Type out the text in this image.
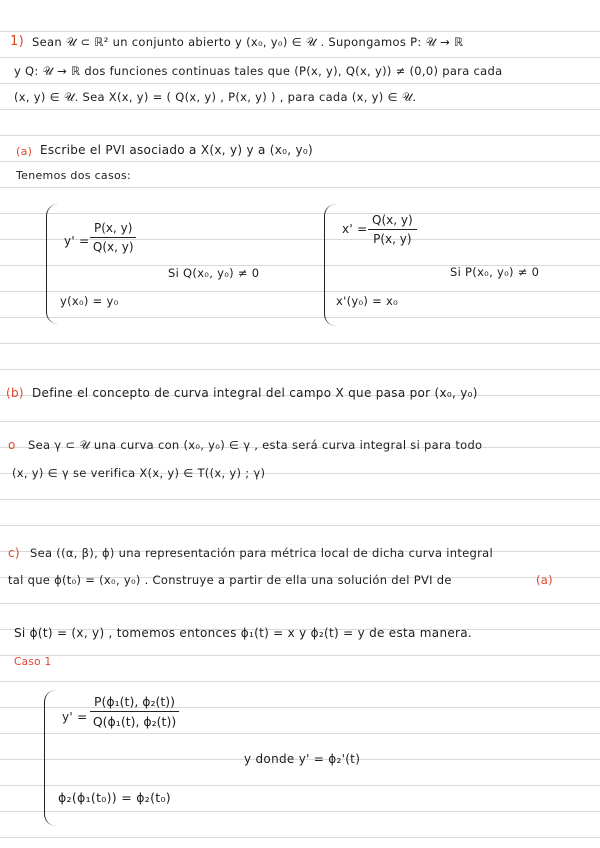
1) Sean 𝒰 ⊂ ℝ² un conjunto abierto y (x₀, y₀) ∈ 𝒰 . Supongamos P: 𝒰 → ℝ
y Q: 𝒰 → ℝ dos funciones continuas tales que (P(x, y), Q(x, y)) ≠ (0,0) para cada
(x, y) ∈ 𝒰. Sea X(x, y) = ( Q(x, y) , P(x, y) ) , para cada (x, y) ∈ 𝒰.
(a) Escribe el PVI asociado a X(x, y) y a (x₀, y₀)
Tenemos dos casos:
$y' = \frac{P(x, y)}{Q(x, y)}$
Si Q(x₀, y₀) ≠ 0
y(x₀) = y₀
$x' = \frac{Q(x, y)}{P(x, y)}$
Si P(x₀, y₀) ≠ 0
x'(y₀) = x₀
(b) Define el concepto de curva integral del campo X que pasa por (x₀, y₀)
o Sea γ ⊂ 𝒰 una curva con (x₀, y₀) ∈ γ , esta será curva integral si para todo
(x, y) ∈ γ se verifica X(x, y) ∈ T((x, y) ; γ)
c) Sea ((α, β), ϕ) una representación para métrica local de dicha curva integral
tal que ϕ(t₀) = (x₀, y₀) . Construye a partir de ella una solución del PVI de	(a)
Si ϕ(t) = (x, y) , tomemos entonces ϕ₁(t) = x y ϕ₂(t) = y de esta manera.
Caso 1
$y' = \frac{\text{P(ϕ₁(t), ϕ₂(t))}}{\text{Q(ϕ₁(t), ϕ₂(t))}}$
y donde y' = ϕ₂'(t)
ϕ₂(ϕ₁(t₀)) = ϕ₂(t₀)
